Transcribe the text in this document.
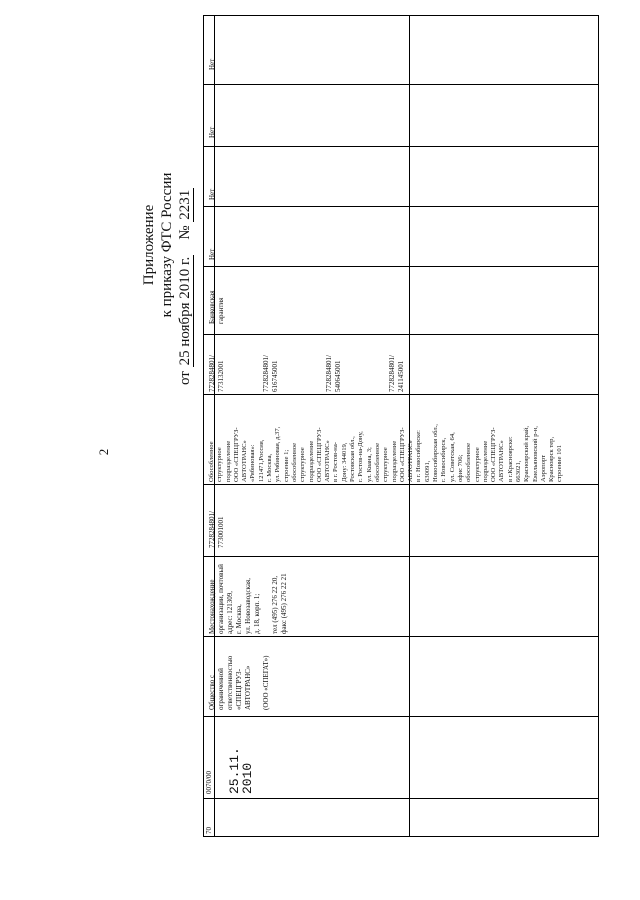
2
Приложение к приказу ФТС России
от 25 ноября 2010 г.    № 2231
70
0070/00 25.11.
2010
Общество с
ограниченной
ответственностью
«СПЕЦГРУЗ-
АВТОТРАНС»

(ООО «СПЕГАТ»)
Местонахождение
организации, почтовый
адрес: 121309,
г. Москва,
ул. Новозаводская,
д. 18, корп. 1;

тел (495) 276 22 20,
факс (495) 276 22 21
7728284801/
773001001
Обособленное
структурное
подразделение
ООО «СПЕЦГРУЗ-
АВТОТРАНС»
«Рябиновая»:
121471,Россия,
г. Москва,
ул. Рябиновая, д.37,
строение 1;
обособленное
структурное
подразделение
ООО «СПЕЦГРУЗ-
АВТОТРАНС»
в г. Ростов-на-
Дону: 344019,
Ростовская обл.,
г. Ростов-на-Дону,
ул. Квана, 3;
обособленное
структурное
подразделение
ООО «СПЕЦГРУЗ-
АВТОТРАНС»
в г. Новосибирске:
630091,
Новосибирская обл.,
г. Новосибирск,
ул. Советская, 64,
офис 706;
обособленное
структурное
подразделение
ООО «СПЕЦГРУЗ-
АВТОТРАНС»
в г.Красноярске:
663021,
Красноярский край,
Емельяновский р-н,
Аэропорт
Красноярск тер,
строение 101
7728284801/
773132001

7728284801/
616745001

7728284801/
540645001

7728284801/
241145001
Банковская
гарантия
Нет
Нет
Нет
Нет
